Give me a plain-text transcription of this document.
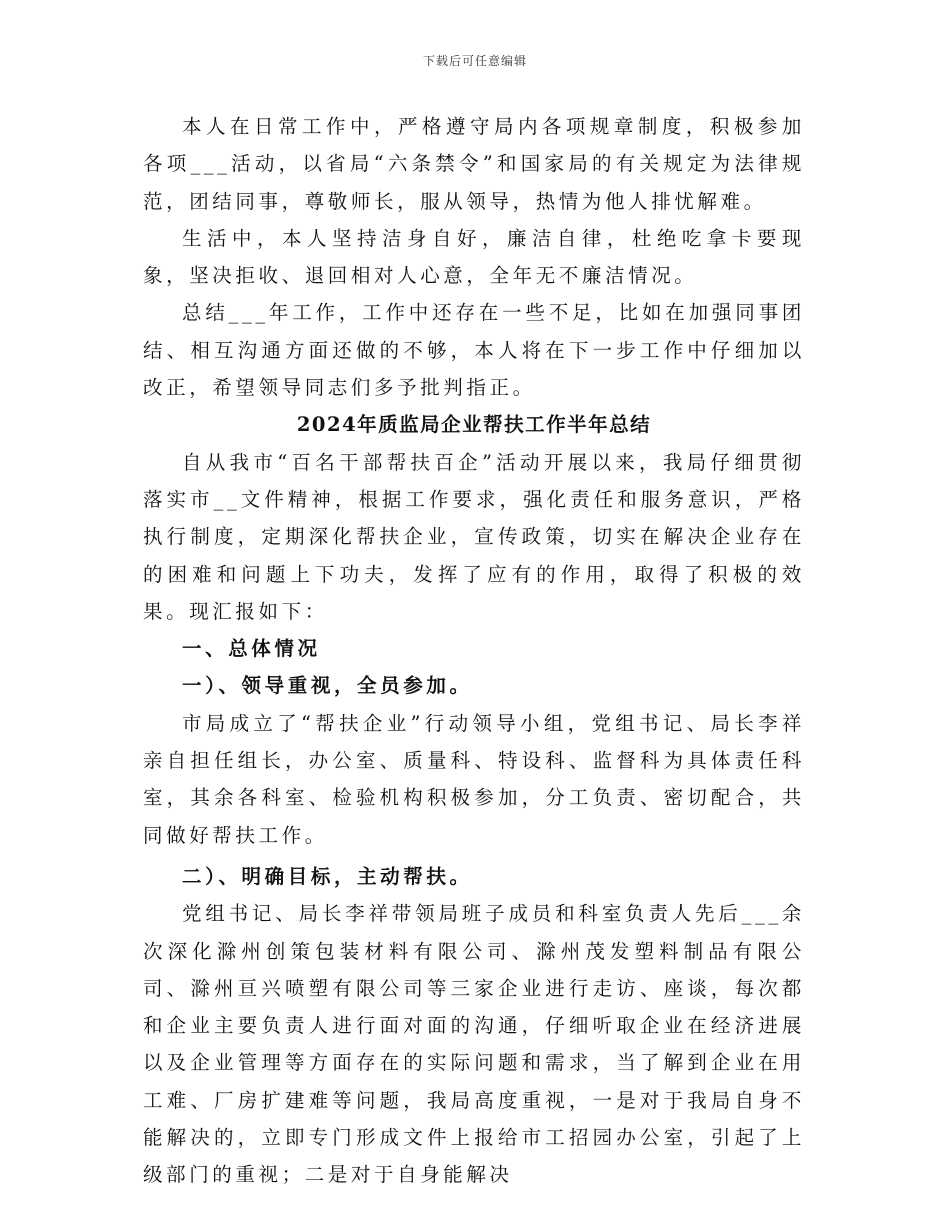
下载后可任意编辑

本人在日常工作中，严格遵守局内各项规章制度，积极参加各项___活动，以省局“六条禁令”和国家局的有关规定为法律规范，团结同事，尊敬师长，服从领导，热情为他人排忧解难。

生活中，本人坚持洁身自好，廉洁自律，杜绝吃拿卡要现象，坚决拒收、退回相对人心意，全年无不廉洁情况。

总结___年工作，工作中还存在一些不足，比如在加强同事团结、相互沟通方面还做的不够，本人将在下一步工作中仔细加以改正，希望领导同志们多予批判指正。

2024年质监局企业帮扶工作半年总结

自从我市“百名干部帮扶百企”活动开展以来，我局仔细贯彻落实市__文件精神，根据工作要求，强化责任和服务意识，严格执行制度，定期深化帮扶企业，宣传政策，切实在解决企业存在的困难和问题上下功夫，发挥了应有的作用，取得了积极的效果。现汇报如下：

一、总体情况

一）、领导重视，全员参加。

市局成立了“帮扶企业”行动领导小组，党组书记、局长李祥亲自担任组长，办公室、质量科、特设科、监督科为具体责任科室，其余各科室、检验机构积极参加，分工负责、密切配合，共同做好帮扶工作。

二）、明确目标，主动帮扶。

党组书记、局长李祥带领局班子成员和科室负责人先后___余次深化滁州创策包装材料有限公司、滁州茂发塑料制品有限公司、滁州亘兴喷塑有限公司等三家企业进行走访、座谈，每次都和企业主要负责人进行面对面的沟通，仔细听取企业在经济进展以及企业管理等方面存在的实际问题和需求，当了解到企业在用工难、厂房扩建难等问题，我局高度重视，一是对于我局自身不能解决的，立即专门形成文件上报给市工招园办公室，引起了上级部门的重视；二是对于自身能解决
